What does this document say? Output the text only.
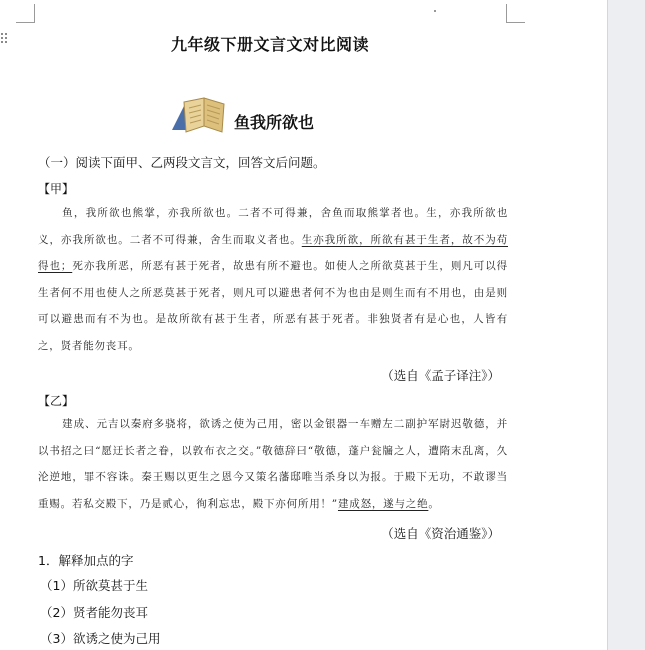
九年级下册文言文对比阅读
鱼我所欲也
（一）阅读下面甲、乙两段文言文，回答文后问题。
【甲】
鱼，我所欲也熊掌，亦我所欲也。二者不可得兼，舍鱼而取熊掌者也。生，亦我所欲也义，亦我所欲也。二者不可得兼，舍生而取义者也。生亦我所欲，所欲有甚于生者，故不为苟得也；死亦我所恶，所恶有甚于死者，故患有所不避也。如使人之所欲莫甚于生，则凡可以得生者何不用也使人之所恶莫甚于死者，则凡可以避患者何不为也由是则生而有不用也，由是则可以避患而有不为也。是故所欲有甚于生者，所恶有甚于死者。非独贤者有是心也，人皆有之，贤者能勿丧耳。
（选自《孟子译注》）
【乙】
建成、元吉以秦府多骁将，欲诱之使为己用，密以金银器一车赠左二副护军尉迟敬德，并以书招之曰“愿迂长者之眷，以敦布衣之交。”敬德辞曰“敬德，蓬户瓮牖之人，遭隋末乱离，久沦逆地，罪不容诛。秦王赐以更生之恩今又策名藩邸唯当杀身以为报。于殿下无功，不敢谬当重赐。若私交殿下，乃是贰心，徇利忘忠，殿下亦何所用！”建成怒，遂与之绝。
（选自《资治通鉴》）
1．解释加点的字
（1）所欲莫甚于生
（2）贤者能勿丧耳
（3）欲诱之使为己用
